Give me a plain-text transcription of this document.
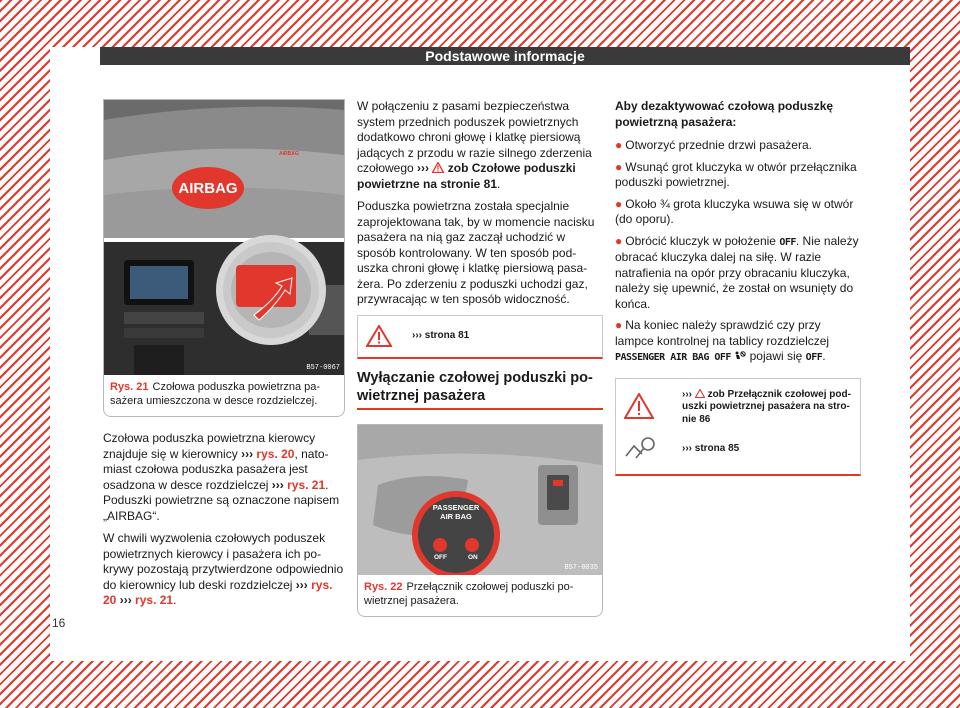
Podstawowe informacje
16
AIRBAG
AIRBAG
B57-0067
Rys. 21 Czołowa poduszka powietrzna pasażera umieszczona w desce rozdzielczej.

Czołowa poduszka powietrzna kierowcy znajduje się w kierownicy ››› rys. 20, natomiast czołowa poduszka pasażera jest osadzona w desce rozdzielczej ››› rys. 21. Poduszki powietrzne są oznaczone napisem „AIRBAG“.

W chwili wyzwolenia czołowych poduszek powietrznych kierowcy i pasażera ich pokrywy pozostają przytwierdzone odpowiednio do kierownicy lub deski rozdzielczej ››› rys. 20 ››› rys. 21.

W połączeniu z pasami bezpieczeństwa system przednich poduszek powietrznych dodatkowo chroni głowę i klatkę piersiową jadących z przodu w razie silnego zderzenia czołowego ››› zob Czołowe poduszki powietrzne na stronie 81.

Poduszka powietrzna została specjalnie zaprojektowana tak, by w momencie nacisku pasażera na nią gaz zaczął uchodzić w sposób kontrolowany. W ten sposób poduszka chroni głowę i klatkę piersiową pasażera. Po zderzeniu z poduszki uchodzi gaz, przywracając w ten sposób widoczność.

››› strona 81
Wyłączanie czołowej poduszki powietrznej pasażera
PASSENGER
AIR BAG
OFF	ON
B57-0035
Rys. 22 Przełącznik czołowej poduszki powietrznej pasażera.

Aby dezaktywować czołową poduszkę powietrzną pasażera:

● Otworzyć przednie drzwi pasażera.
● Wsunąć grot kluczyka w otwór przełącznika poduszki powietrznej.
● Około ¾ grota kluczyka wsuwa się w otwór (do oporu).
● Obrócić kluczyk w położenie OFF. Nie należy obracać kluczyka dalej na siłę. W razie natrafienia na opór przy obracaniu kluczyka, należy się upewnić, że został on wsunięty do końca.
● Na koniec należy sprawdzić czy przy lampce kontrolnej na tablicy rozdzielczej PASSENGER AIR BAG OFF pojawi się OFF.
››› zob Przełącznik czołowej poduszki powietrznej pasażera na stronie 86
››› strona 85
